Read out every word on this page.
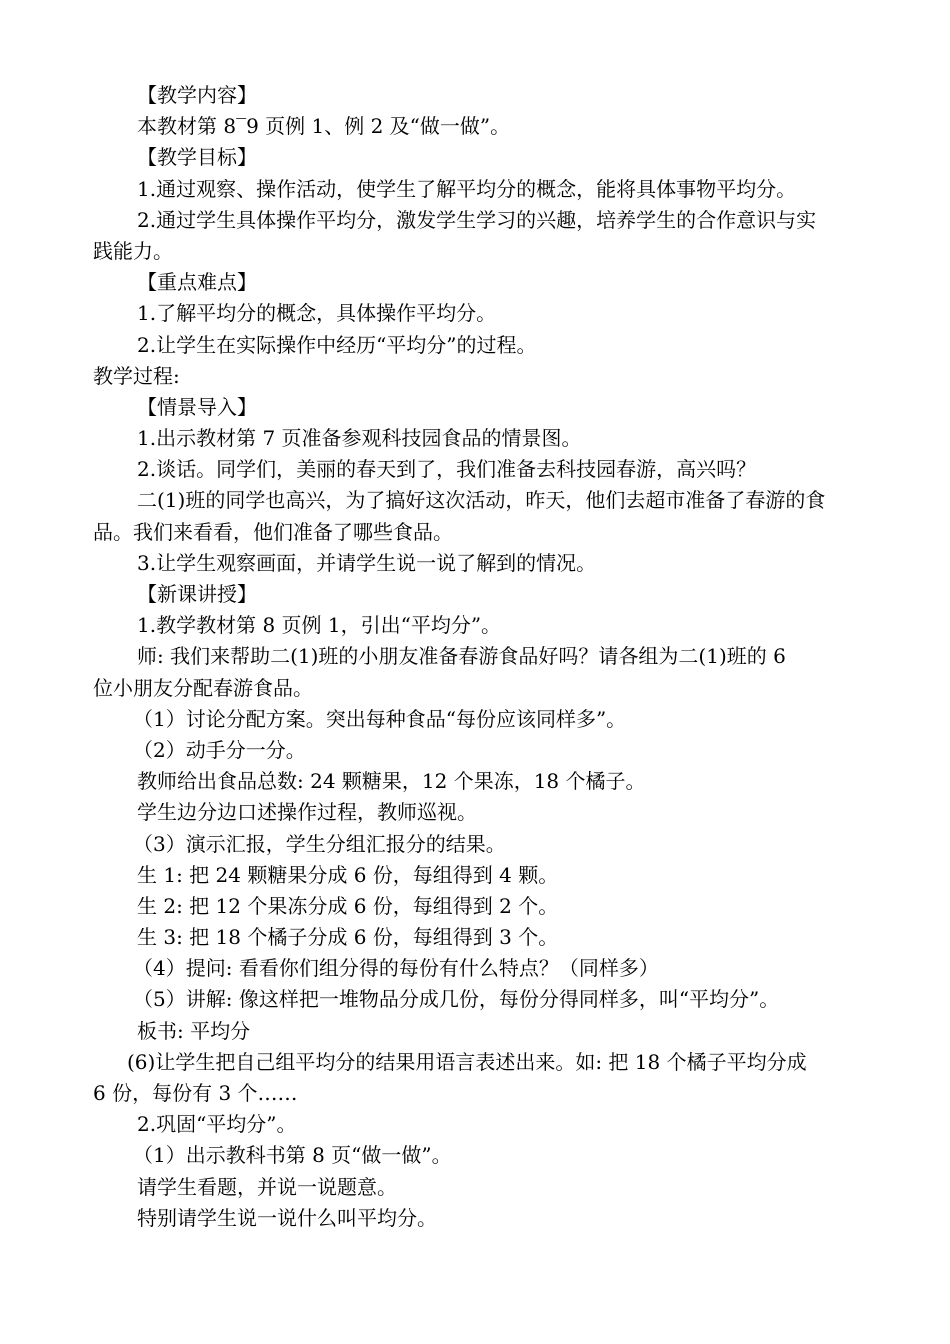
【教学内容】
本教材第 8‾9 页例 1、例 2 及“做一做”。
【教学目标】
1.通过观察、操作活动，使学生了解平均分的概念，能将具体事物平均分。
2.通过学生具体操作平均分，激发学生学习的兴趣，培养学生的合作意识与实
践能力。
【重点难点】
1.了解平均分的概念，具体操作平均分。
2.让学生在实际操作中经历“平均分”的过程。
教学过程:
【情景导入】
1.出示教材第 7 页准备参观科技园食品的情景图。
2.谈话。同学们，美丽的春天到了，我们准备去科技园春游，高兴吗？
二(1)班的同学也高兴，为了搞好这次活动，昨天，他们去超市准备了春游的食
品。我们来看看，他们准备了哪些食品。
3.让学生观察画面，并请学生说一说了解到的情况。
【新课讲授】
1.教学教材第 8 页例 1，引出“平均分”。
师: 我们来帮助二(1)班的小朋友准备春游食品好吗？请各组为二(1)班的 6
位小朋友分配春游食品。
（1）讨论分配方案。突出每种食品“每份应该同样多”。
（2）动手分一分。
教师给出食品总数: 24 颗糖果，12 个果冻，18 个橘子。
学生边分边口述操作过程，教师巡视。
（3）演示汇报，学生分组汇报分的结果。
生 1: 把 24 颗糖果分成 6 份，每组得到 4 颗。
生 2: 把 12 个果冻分成 6 份，每组得到 2 个。
生 3: 把 18 个橘子分成 6 份，每组得到 3 个。
（4）提问: 看看你们组分得的每份有什么特点？（同样多）
（5）讲解: 像这样把一堆物品分成几份，每份分得同样多，叫“平均分”。
板书: 平均分
(6)让学生把自己组平均分的结果用语言表述出来。如: 把 18 个橘子平均分成
6 份，每份有 3 个……
2.巩固“平均分”。
（1）出示教科书第 8 页“做一做”。
请学生看题，并说一说题意。
特别请学生说一说什么叫平均分。
